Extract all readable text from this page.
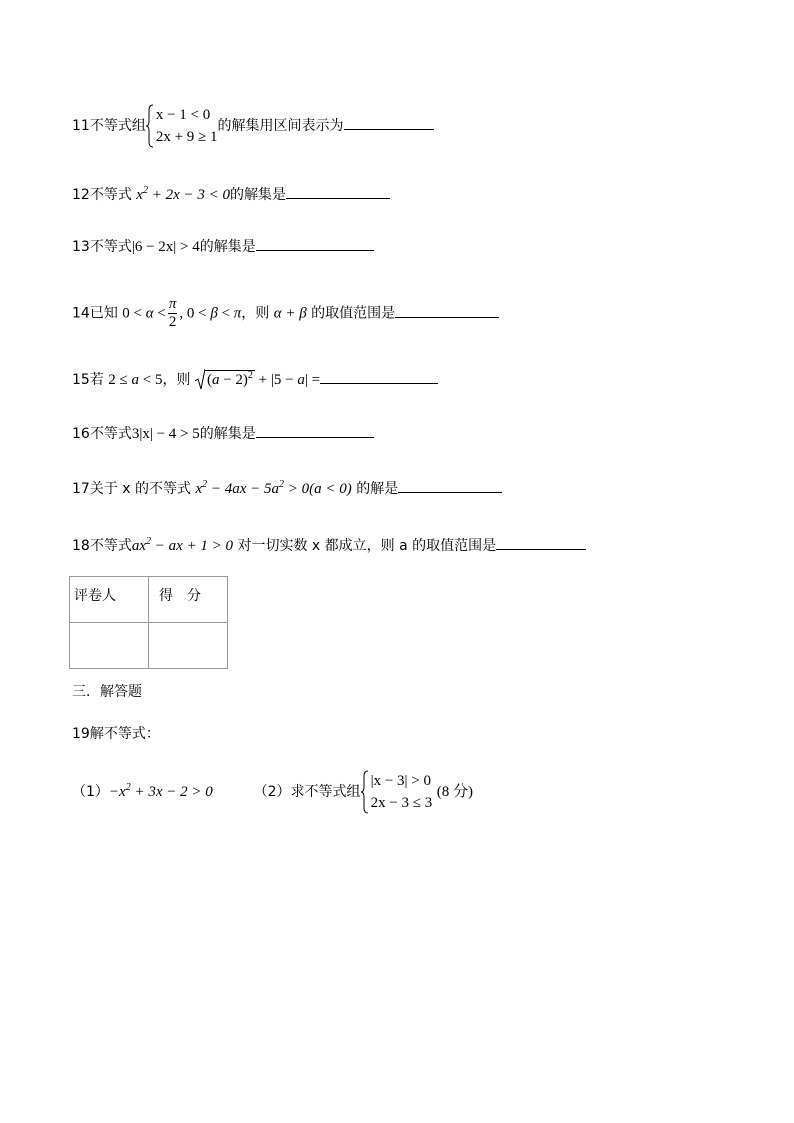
11不等式组
x − 1 < 0
2x + 9 ≥ 1
的解集用区间表示为
12不等式 $x^2 + 2x - 3 < 0$的解集是
13不等式|6 − 2x| > 4的解集是
14已知 $0 < \alpha < \frac{\pi}{2}$ , 0 < β < π，则 α + β 的取值范围是
15若 2 ≤ a < 5，则
$(a - 2)^2 + |5 - a|$ =
16不等式3|x| − 4 > 5的解集是
17关于 x 的不等式 $x^2 - 4ax - 5a^2 > 0(a < 0)$ 的解是
18不等式$ax^2$ − ax + 1 > 0 对一切实数 x 都成立，则 a 的取值范围是
评卷人	得　分

三．解答题
19解不等式：
$(1)-x^2 + 3x - 2 > 0$	（2）求不等式组
|x − 3| > 0
2x − 3 ≤ 3
(8 分)
